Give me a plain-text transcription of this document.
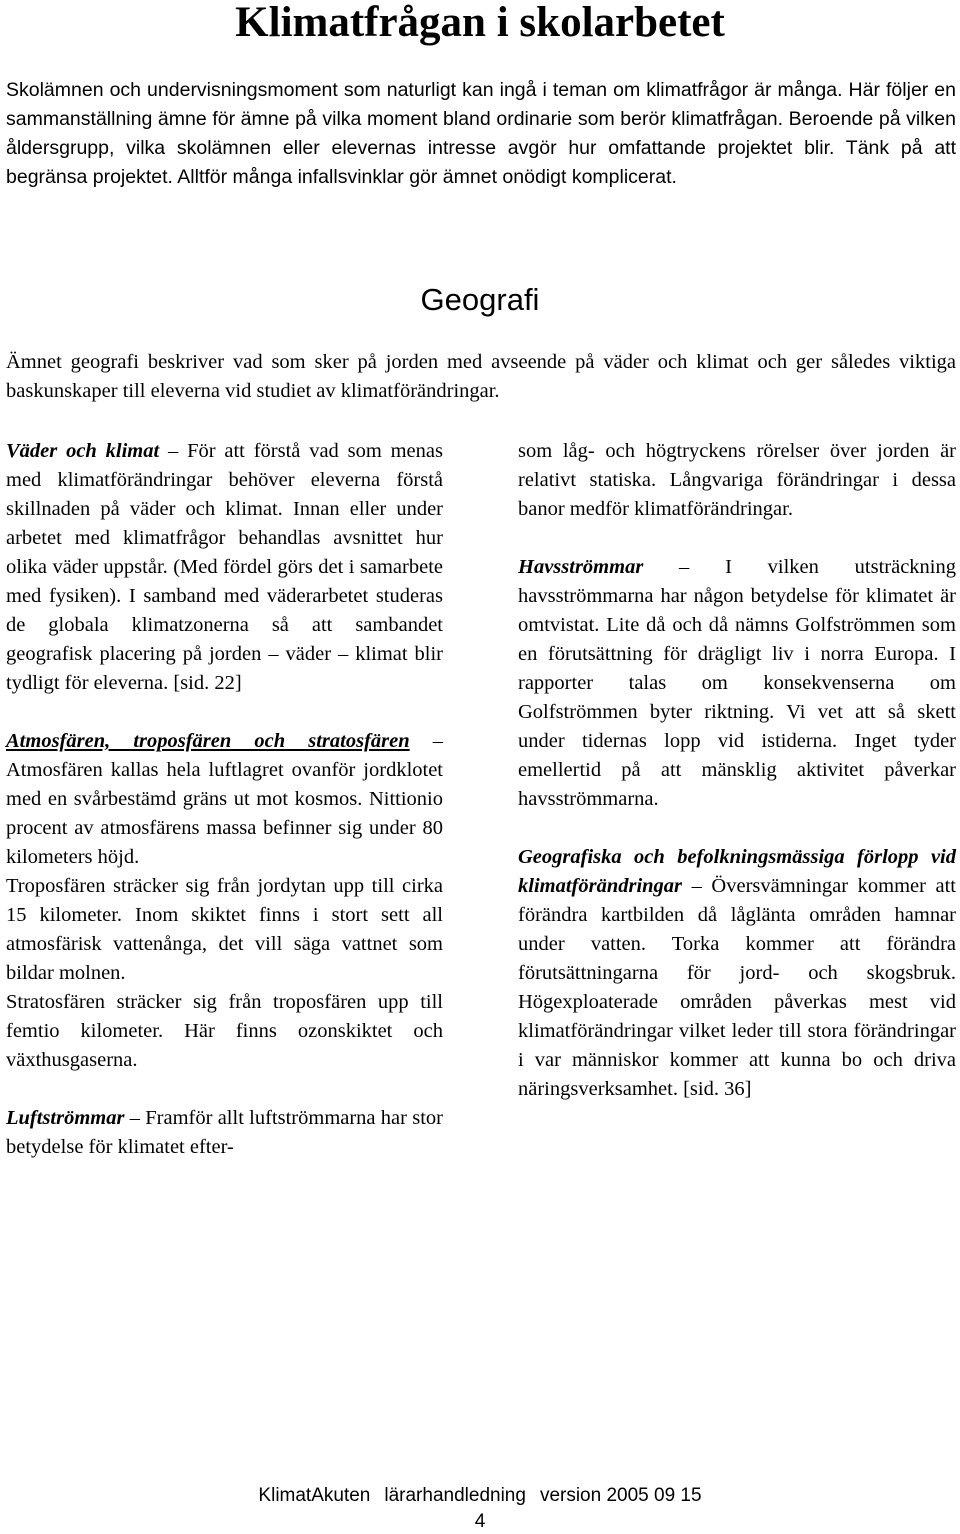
Klimatfrågan i skolarbetet

Skolämnen och undervisningsmoment som naturligt kan ingå i teman om klimatfrågor är många. Här följer en sammanställning ämne för ämne på vilka moment bland ordinarie som berör klimatfrågan. Beroende på vilken åldersgrupp, vilka skolämnen eller elevernas intresse avgör hur omfattande projektet blir. Tänk på att begränsa projektet. Alltför många infallsvinklar gör ämnet onödigt komplicerat.

Geografi

Ämnet geografi beskriver vad som sker på jorden med avseende på väder och klimat och ger således viktiga baskunskaper till eleverna vid studiet av klimatförändringar.

Väder och klimat – För att förstå vad som menas med klimatförändringar behöver eleverna förstå skillnaden på väder och klimat. Innan eller under arbetet med klimatfrågor behandlas avsnittet hur olika väder uppstår. (Med fördel görs det i samarbete med fysiken). I samband med väderarbetet studeras de globala klimatzonerna så att sambandet geografisk placering på jorden – väder – klimat blir tydligt för eleverna. [sid. 22]

Atmosfären, troposfären och stratosfären – Atmosfären kallas hela luftlagret ovanför jordklotet med en svårbestämd gräns ut mot kosmos. Nittionio procent av atmosfärens massa befinner sig under 80 kilometers höjd.

Troposfären sträcker sig från jordytan upp till cirka 15 kilometer. Inom skiktet finns i stort sett all atmosfärisk vattenånga, det vill säga vattnet som bildar molnen.

Stratosfären sträcker sig från troposfären upp till femtio kilometer. Här finns ozonskiktet och växthusgaserna.

Luftströmmar – Framför allt luftströmmarna har stor betydelse för klimatet efter-

som låg- och högtryckens rörelser över jorden är relativt statiska. Långvariga förändringar i dessa banor medför klimatförändringar.

Havsströmmar – I vilken utsträckning havsströmmarna har någon betydelse för klimatet är omtvistat. Lite då och då nämns Golfströmmen som en förutsättning för drägligt liv i norra Europa. I rapporter talas om konsekvenserna om Golfströmmen byter riktning. Vi vet att så skett under tidernas lopp vid istiderna. Inget tyder emellertid på att mänsklig aktivitet påverkar havsströmmarna.

Geografiska och befolkningsmässiga förlopp vid klimatförändringar – Översvämningar kommer att förändra kartbilden då låglänta områden hamnar under vatten. Torka kommer att förändra förutsättningarna för jord- och skogsbruk. Högexploaterade områden påverkas mest vid klimatförändringar vilket leder till stora förändringar i var människor kommer att kunna bo och driva näringsverksamhet. [sid. 36]

KlimatAkuten lärarhandledning version 2005 09 15
4
